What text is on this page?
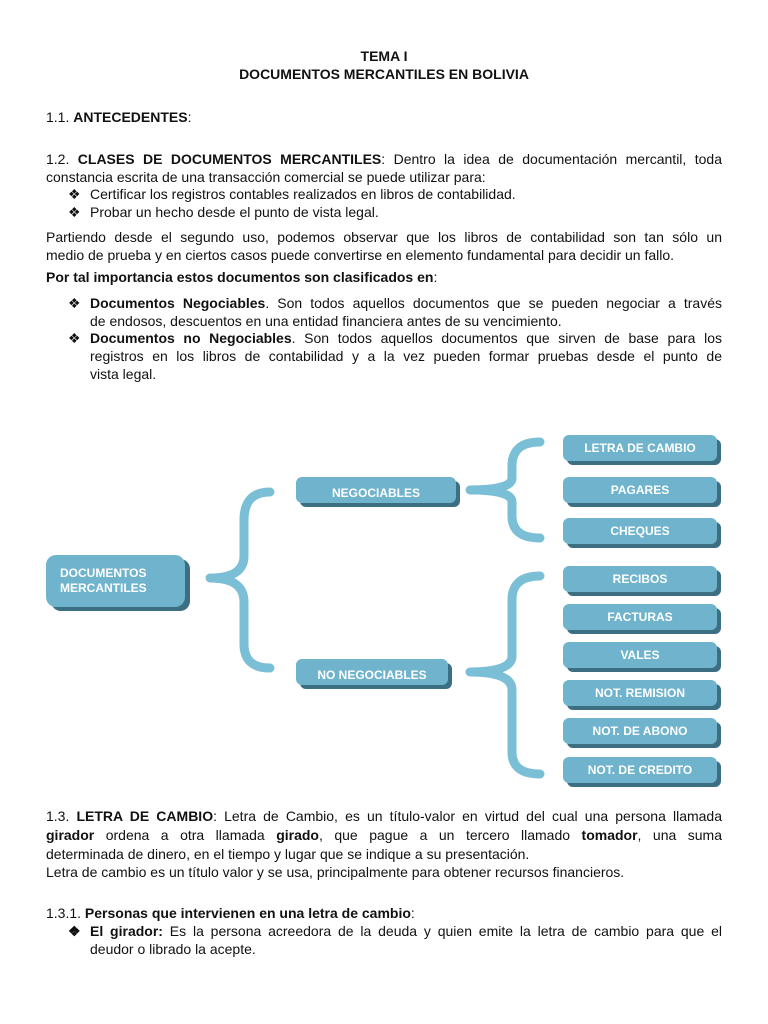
TEMA I
DOCUMENTOS MERCANTILES EN BOLIVIA
1.1. ANTECEDENTES:
1.2. CLASES DE DOCUMENTOS MERCANTILES: Dentro la idea de documentación mercantil, toda
constancia escrita de una transacción comercial se puede utilizar para:
❖ Certificar los registros contables realizados en libros de contabilidad.
❖ Probar un hecho desde el punto de vista legal.
Partiendo desde el segundo uso, podemos observar que los libros de contabilidad son tan sólo un
medio de prueba y en ciertos casos puede convertirse en elemento fundamental para decidir un fallo.
Por tal importancia estos documentos son clasificados en:
❖ Documentos Negociables. Son todos aquellos documentos que se pueden negociar a través
de endosos, descuentos en una entidad financiera antes de su vencimiento.
❖ Documentos no Negociables. Son todos aquellos documentos que sirven de base para los
registros en los libros de contabilidad y a la vez pueden formar pruebas desde el punto de
vista legal.
DOCUMENTOS
MERCANTILES
NEGOCIABLES
NO NEGOCIABLES
LETRA DE CAMBIO
PAGARES
CHEQUES
RECIBOS
FACTURAS
VALES
NOT. REMISION
NOT. DE ABONO
NOT. DE CREDITO
1.3. LETRA DE CAMBIO: Letra de Cambio, es un título-valor en virtud del cual una persona llamada
girador ordena a otra llamada girado, que pague a un tercero llamado tomador, una suma
determinada de dinero, en el tiempo y lugar que se indique a su presentación.
Letra de cambio es un título valor y se usa, principalmente para obtener recursos financieros.
1.3.1. Personas que intervienen en una letra de cambio:
❖ El girador: Es la persona acreedora de la deuda y quien emite la letra de cambio para que el
deudor o librado la acepte.
